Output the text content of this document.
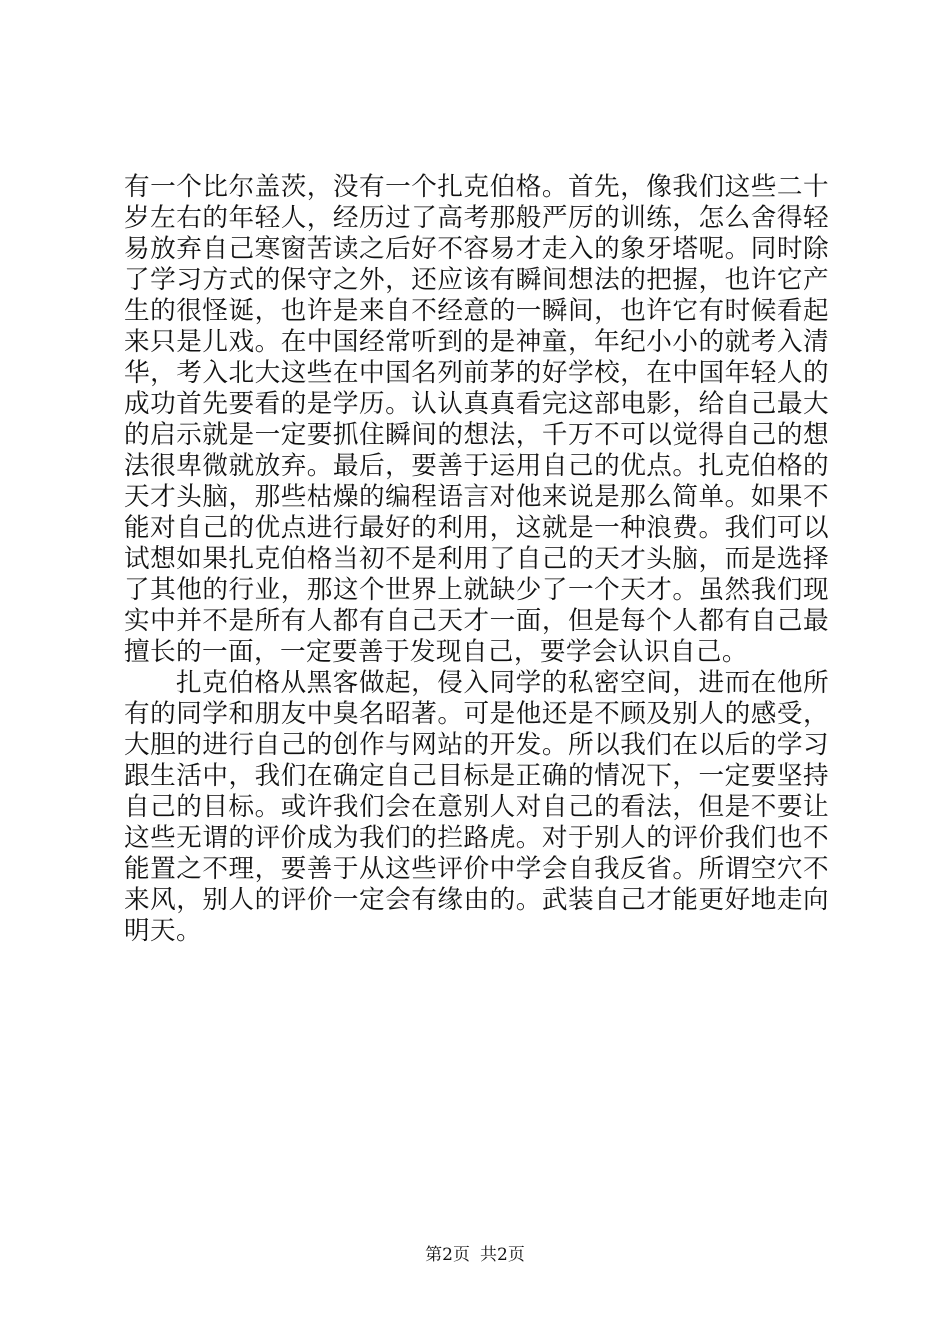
有一个比尔盖茨，没有一个扎克伯格。首先，像我们这些二十岁左右的年轻人，经历过了高考那般严厉的训练，怎么舍得轻易放弃自己寒窗苦读之后好不容易才走入的象牙塔呢。同时除了学习方式的保守之外，还应该有瞬间想法的把握，也许它产生的很怪诞，也许是来自不经意的一瞬间，也许它有时候看起来只是儿戏。在中国经常听到的是神童，年纪小小的就考入清华，考入北大这些在中国名列前茅的好学校，在中国年轻人的成功首先要看的是学历。认认真真看完这部电影，给自己最大的启示就是一定要抓住瞬间的想法，千万不可以觉得自己的想法很卑微就放弃。最后，要善于运用自己的优点。扎克伯格的天才头脑，那些枯燥的编程语言对他来说是那么简单。如果不能对自己的优点进行最好的利用，这就是一种浪费。我们可以试想如果扎克伯格当初不是利用了自己的天才头脑，而是选择了其他的行业，那这个世界上就缺少了一个天才。虽然我们现实中并不是所有人都有自己天才一面，但是每个人都有自己最擅长的一面，一定要善于发现自己，要学会认识自己。

扎克伯格从黑客做起，侵入同学的私密空间，进而在他所有的同学和朋友中臭名昭著。可是他还是不顾及别人的感受，大胆的进行自己的创作与网站的开发。所以我们在以后的学习跟生活中，我们在确定自己目标是正确的情况下，一定要坚持自己的目标。或许我们会在意别人对自己的看法，但是不要让这些无谓的评价成为我们的拦路虎。对于别人的评价我们也不能置之不理，要善于从这些评价中学会自我反省。所谓空穴不来风，别人的评价一定会有缘由的。武装自己才能更好地走向明天。

第2页 共2页
